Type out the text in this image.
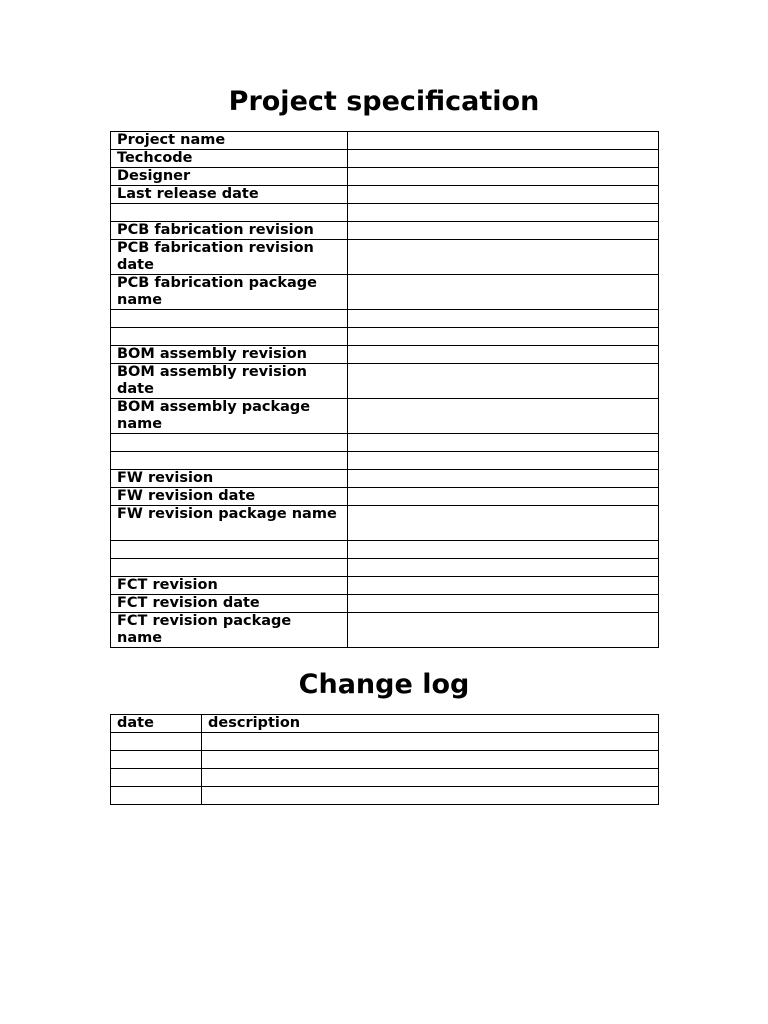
Project specification
Project name	
Techcode	
Designer	
Last release date	

PCB fabrication revision	
PCB fabrication revision date	
PCB fabrication package name	

BOM assembly revision	
BOM assembly revision date	
BOM assembly package name	

FW revision	
FW revision date	
FW revision package name	

FCT revision	
FCT revision date	
FCT revision package name	
Change log
date	description
